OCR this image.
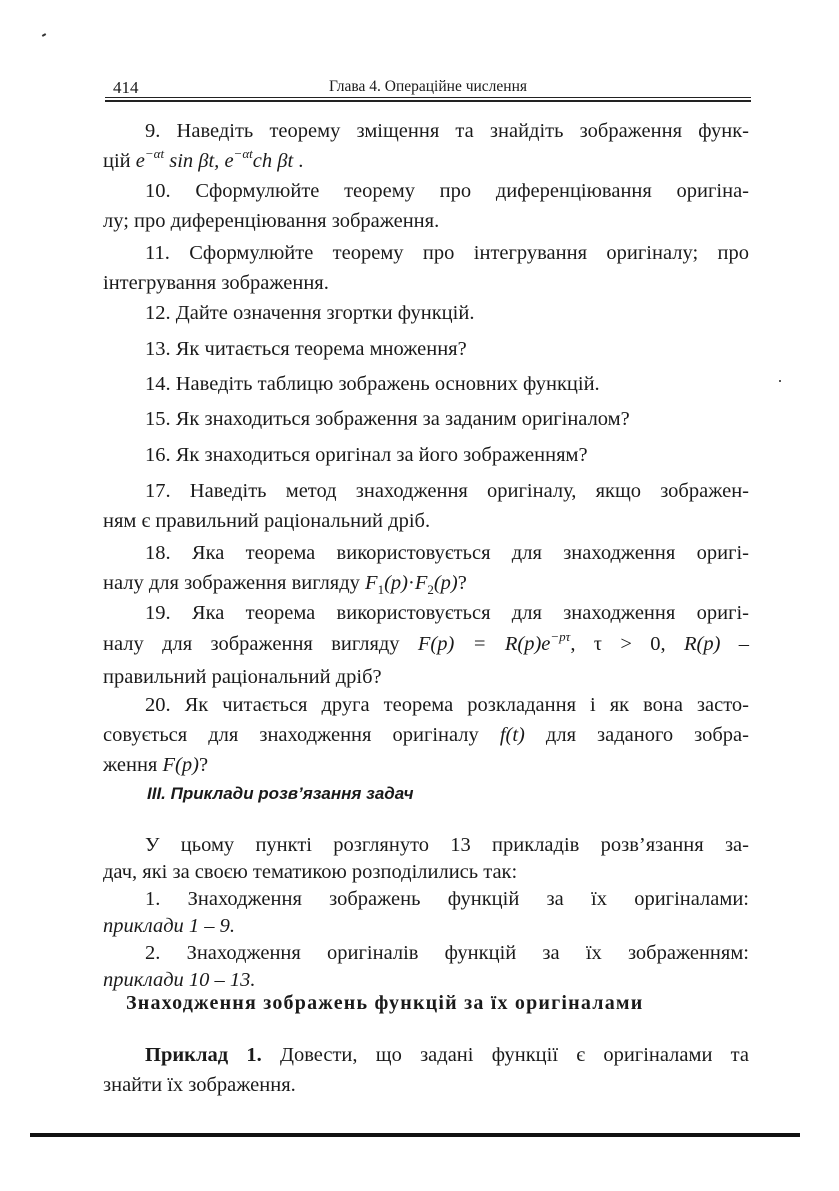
414	Глава 4. Операційне числення
9. Наведіть теорему зміщення та знайдіть зображення функ-
цій $e^{-\alpha t}$ sin βt, $e^{-\alpha t}ch$ βt .
10. Сформулюйте теорему про диференціювання оригіна-
лу; про диференціювання зображення.
11. Сформулюйте теорему про інтегрування оригіналу; про
інтегрування зображення.
12. Дайте означення згортки функцій.
13. Як читається теорема множення?
14. Наведіть таблицю зображень основних функцій.
15. Як знаходиться зображення за заданим оригіналом?
16. Як знаходиться оригінал за його зображенням?
17. Наведіть метод знаходження оригіналу, якщо зображен-
ням є правильний раціональний дріб.
18. Яка теорема використовується для знаходження оригі-
налу для зображення вигляду $F_1(p)\cdot F_2(p)$?
19. Яка теорема використовується для знаходження оригі-
налу для зображення вигляду $F(p) = R(p)e^{-p\tau}$, τ > 0, R(p) –
правильний раціональний дріб?
20. Як читається друга теорема розкладання і як вона засто-
совується для знаходження оригіналу f(t) для заданого зобра-
ження F(p)?
ІІІ. Приклади розв’язання задач
У цьому пункті розглянуто 13 прикладів розв’язання за-
дач, які за своєю тематикою розподілились так:
1. Знаходження зображень функцій за їх оригіналами:
приклади 1 – 9.
2. Знаходження оригіналів функцій за їх зображенням:
приклади 10 – 13.
Знаходження зображень функцій за їх оригіналами
Приклад 1. Довести, що задані функції є оригіналами та
знайти їх зображення.
